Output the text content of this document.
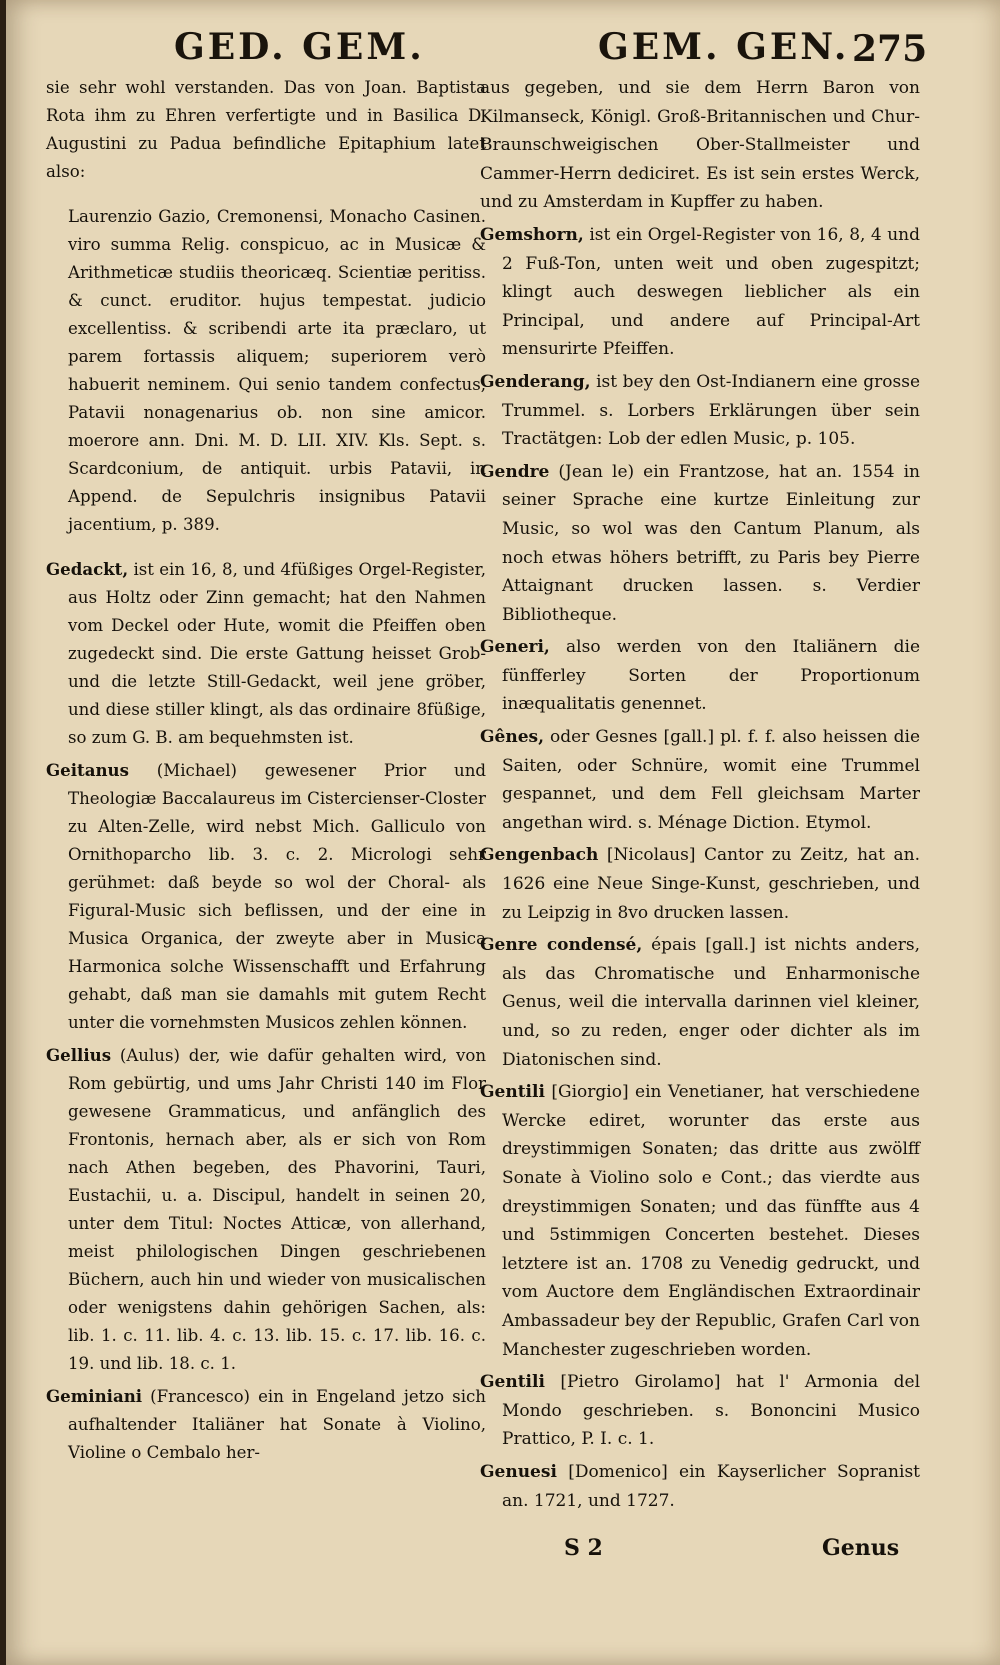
GED. GEM.	GEM. GEN. 275

sie sehr wohl verstanden. Das von Joan. Baptista Rota ihm zu Ehren verfertigte und in Basilica D. Augustini zu Padua befindliche Epitaphium latet also:

Laurenzio Gazio, Cremonensi, Monacho Casinen. viro summa Relig. conspicuo, ac in Musicæ & Arithmeticæ studiis theoricæq. Scientiæ peritiss. & cunct. eruditor. hujus tempestat. judicio excellentiss. & scribendi arte ita præclaro, ut parem fortassis aliquem; superiorem verò habuerit neminem. Qui senio tandem confectus, Patavii nonagenarius ob. non sine amicor. moerore ann. Dni. M. D. LII. XIV. Kls. Sept. s. Scardconium, de antiquit. urbis Patavii, in Append. de Sepulchris insignibus Patavii jacentium, p. 389.

Gedackt, ist ein 16, 8, und 4füßiges Orgel-Register, aus Holtz oder Zinn gemacht; hat den Nahmen vom Deckel oder Hute, womit die Pfeiffen oben zugedeckt sind. Die erste Gattung heisset Grob- und die letzte Still-Gedackt, weil jene gröber, und diese stiller klingt, als das ordinaire 8füßige, so zum G. B. am bequehmsten ist.

Geitanus (Michael) gewesener Prior und Theologiæ Baccalaureus im Cistercienser-Closter zu Alten-Zelle, wird nebst Mich. Galliculo von Ornithoparcho lib. 3. c. 2. Micrologi sehr gerühmet: daß beyde so wol der Choral- als Figural-Music sich beflissen, und der eine in Musica Organica, der zweyte aber in Musica Harmonica solche Wissenschafft und Erfahrung gehabt, daß man sie damahls mit gutem Recht unter die vornehmsten Musicos zehlen können.

Gellius (Aulus) der, wie dafür gehalten wird, von Rom gebürtig, und ums Jahr Christi 140 im Flor gewesene Grammaticus, und anfänglich des Frontonis, hernach aber, als er sich von Rom nach Athen begeben, des Phavorini, Tauri, Eustachii, u. a. Discipul, handelt in seinen 20, unter dem Titul: Noctes Atticæ, von allerhand, meist philologischen Dingen geschriebenen Büchern, auch hin und wieder von musicalischen oder wenigstens dahin gehörigen Sachen, als: lib. 1. c. 11. lib. 4. c. 13. lib. 15. c. 17. lib. 16. c. 19. und lib. 18. c. 1.

Geminiani (Francesco) ein in Engeland jetzo sich aufhaltender Italiäner hat Sonate à Violino, Violine o Cembalo her-

aus gegeben, und sie dem Herrn Baron von Kilmanseck, Königl. Groß-Britannischen und Chur-Braunschweigischen Ober-Stallmeister und Cammer-Herrn dediciret. Es ist sein erstes Werck, und zu Amsterdam in Kupffer zu haben.

Gemshorn, ist ein Orgel-Register von 16, 8, 4 und 2 Fuß-Ton, unten weit und oben zugespitzt; klingt auch deswegen lieblicher als ein Principal, und andere auf Principal-Art mensurirte Pfeiffen.

Genderang, ist bey den Ost-Indianern eine grosse Trummel. s. Lorbers Erklärungen über sein Tractätgen: Lob der edlen Music, p. 105.

Gendre (Jean le) ein Frantzose, hat an. 1554 in seiner Sprache eine kurtze Einleitung zur Music, so wol was den Cantum Planum, als noch etwas höhers betrifft, zu Paris bey Pierre Attaignant drucken lassen. s. Verdier Bibliotheque.

Generi, also werden von den Italiänern die fünfferley Sorten der Proportionum inæqualitatis genennet.

Gênes, oder Gesnes [gall.] pl. f. f. also heissen die Saiten, oder Schnüre, womit eine Trummel gespannet, und dem Fell gleichsam Marter angethan wird. s. Ménage Diction. Etymol.

Gengenbach [Nicolaus] Cantor zu Zeitz, hat an. 1626 eine Neue Singe-Kunst, geschrieben, und zu Leipzig in 8vo drucken lassen.

Genre condensé, épais [gall.] ist nichts anders, als das Chromatische und Enharmonische Genus, weil die intervalla darinnen viel kleiner, und, so zu reden, enger oder dichter als im Diatonischen sind.

Gentili [Giorgio] ein Venetianer, hat verschiedene Wercke ediret, worunter das erste aus dreystimmigen Sonaten; das dritte aus zwölff Sonate à Violino solo e Cont.; das vierdte aus dreystimmigen Sonaten; und das fünffte aus 4 und 5stimmigen Concerten bestehet. Dieses letztere ist an. 1708 zu Venedig gedruckt, und vom Auctore dem Engländischen Extraordinair Ambassadeur bey der Republic, Grafen Carl von Manchester zugeschrieben worden.

Gentili [Pietro Girolamo] hat l' Armonia del Mondo geschrieben. s. Bononcini Musico Prattico, P. I. c. 1.

Genuesi [Domenico] ein Kayserlicher Sopranist an. 1721, und 1727.

S 2	Genus
